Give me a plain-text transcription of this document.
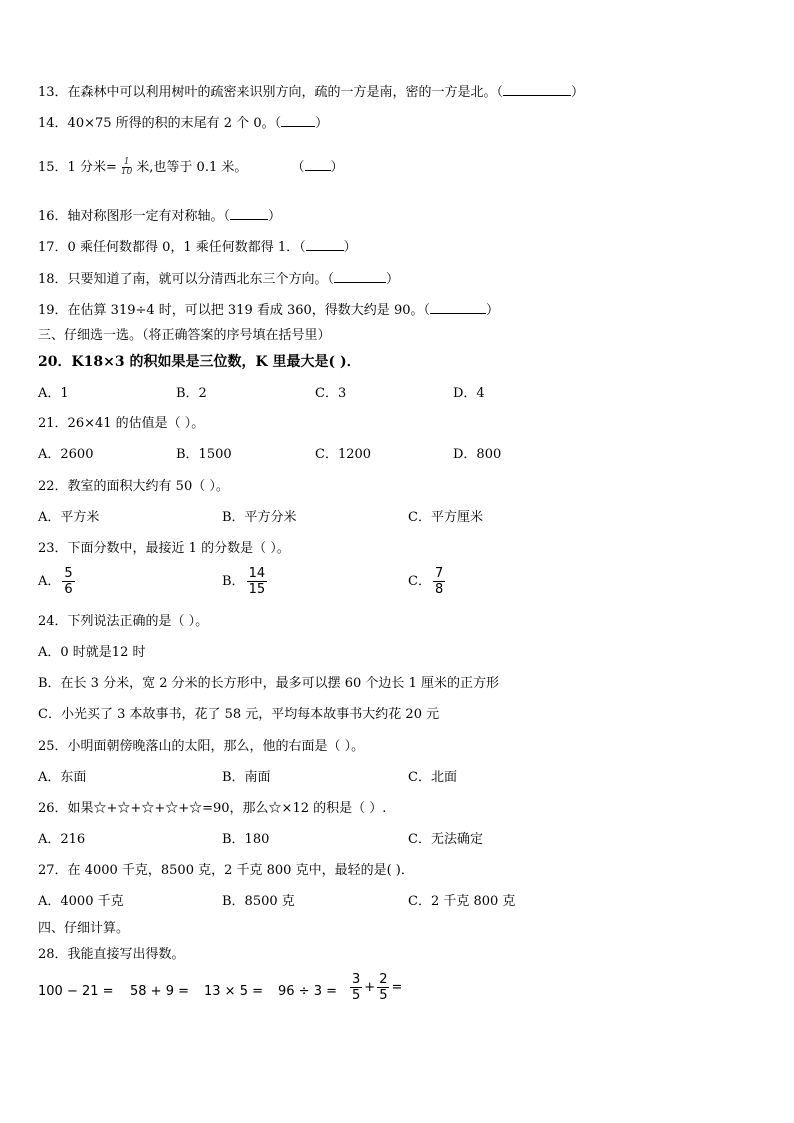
13．在森林中可以利用树叶的疏密来识别方向，疏的一方是南，密的一方是北。（	）
14．40×75 所得的积的末尾有 2 个 0。（	）
15．1 分米= $\frac{1}{10}$ 米,也等于 0.1 米。	（ ）
16．轴对称图形一定有对称轴。（	）
17．0 乘任何数都得 0，1 乘任何数都得 1．（	）
18．只要知道了南，就可以分清西北东三个方向。（	）
19．在估算 319÷4 时，可以把 319 看成 360，得数大约是 90。（	）
三、仔细选一选。（将正确答案的序号填在括号里）
20．K18×3 的积如果是三位数，K 里最大是( )．
A．1	B．2	C．3	D．4
21．26×41 的估值是（ ）。
A．2600	B．1500	C．1200	D．800
22．教室的面积大约有 50（ ）。
A．平方米	B．平方分米	C．平方厘米
23．下面分数中，最接近 1 的分数是（ ）。
A． $\frac{5}{6}$	B． $\frac{14}{15}$	C． $\frac{7}{8}$
24．下列说法正确的是（ ）。
A．0 时就是12 时
B．在长 3 分米，宽 2 分米的长方形中，最多可以摆 60 个边长 1 厘米的正方形
C．小光买了 3 本故事书，花了 58 元，平均每本故事书大约花 20 元
25．小明面朝傍晚落山的太阳，那么，他的右面是（ ）。
A．东面	B．南面	C．北面
26．如果☆+☆+☆+☆+☆=90，那么☆×12 的积是（ ）.
A．216	B．180	C．无法确定
27．在 4000 千克，8500 克，2 千克 800 克中，最轻的是( )．
A．4000 千克	B．8500 克	C．2 千克 800 克
四、仔细计算。
28．我能直接写出得数。
$100 - 21 = 58 + 9 = 13 \times 5 = 96 \div 3 = \frac{3}{5} + \frac{2}{5}$ =
